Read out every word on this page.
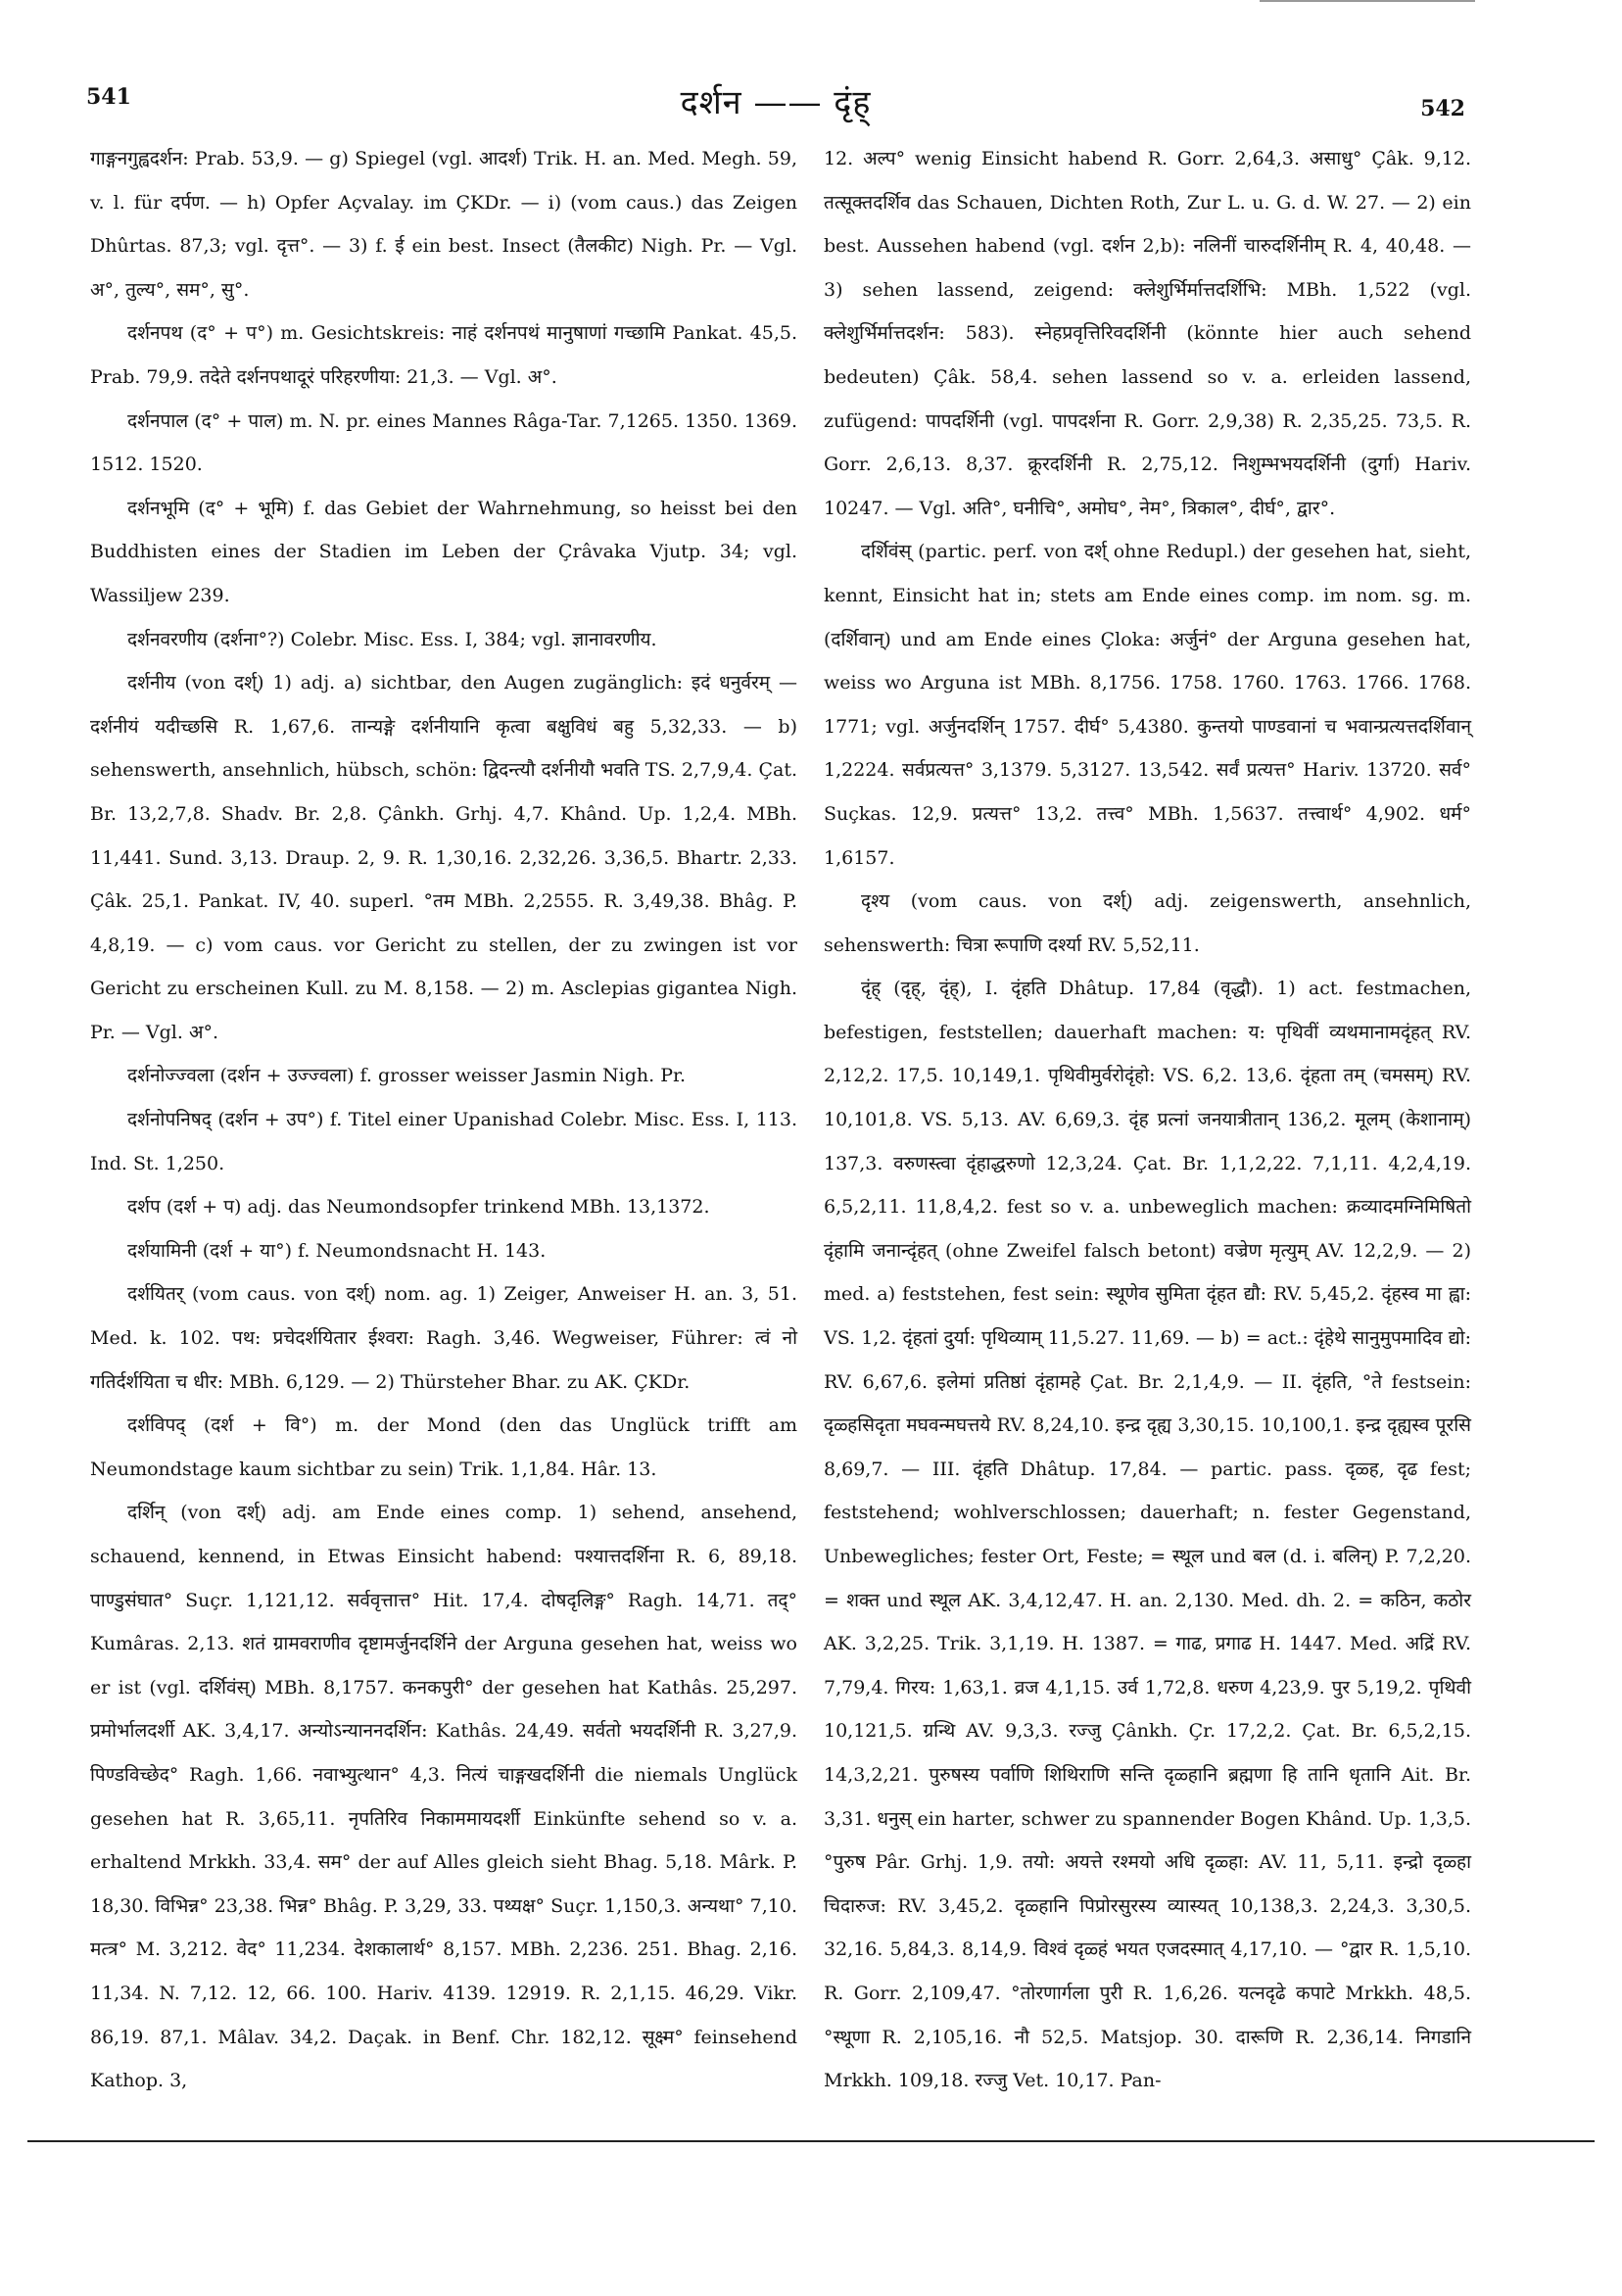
541	दर्शन —— दृंह्	542

गाङ्गनगुह्वदर्शन: Prab. 53,9. — g) Spiegel (vgl. आदर्श) Trik. H. an. Med. Megh. 59, v. l. für दर्पण. — h) Opfer Açvalay. im ÇKDr. — i) (vom caus.) das Zeigen Dhûrtas. 87,3; vgl. दृत्त°. — 3) f. ई ein best. Insect (तैलकीट) Nigh. Pr. — Vgl. अ°, तुल्य°, सम°, सु°.

दर्शनपथ (द° + प°) m. Gesichtskreis: नाहं दर्शनपथं मानुषाणां गच्छामि Pankat. 45,5. Prab. 79,9. तदेते दर्शनपथादूरं परिहरणीया: 21,3. — Vgl. अ°.

दर्शनपाल (द° + पाल) m. N. pr. eines Mannes Râga-Tar. 7,1265. 1350. 1369. 1512. 1520.

दर्शनभूमि (द° + भूमि) f. das Gebiet der Wahrnehmung, so heisst bei den Buddhisten eines der Stadien im Leben der Çrâvaka Vjutp. 34; vgl. Wassiljew 239.

दर्शनवरणीय (दर्शना°?) Colebr. Misc. Ess. I, 384; vgl. ज्ञानावरणीय.

दर्शनीय (von दर्श्) 1) adj. a) sichtbar, den Augen zugänglich: इदं धनुर्वरम् — दर्शनीयं यदीच्छसि R. 1,67,6. तान्यङ्गे दर्शनीयानि कृत्वा बक्षुविधं बहु 5,32,33. — b) sehenswerth, ansehnlich, hübsch, schön: द्विदन्त्यौ दर्शनीयौ भवति TS. 2,7,9,4. Çat. Br. 13,2,7,8. Shadv. Br. 2,8. Çânkh. Grhj. 4,7. Khând. Up. 1,2,4. MBh. 11,441. Sund. 3,13. Draup. 2, 9. R. 1,30,16. 2,32,26. 3,36,5. Bhartr. 2,33. Çâk. 25,1. Pankat. IV, 40. superl. °तम MBh. 2,2555. R. 3,49,38. Bhâg. P. 4,8,19. — c) vom caus. vor Gericht zu stellen, der zu zwingen ist vor Gericht zu erscheinen Kull. zu M. 8,158. — 2) m. Asclepias gigantea Nigh. Pr. — Vgl. अ°.

दर्शनोज्ज्वला (दर्शन + उज्ज्वला) f. grosser weisser Jasmin Nigh. Pr.

दर्शनोपनिषद् (दर्शन + उप°) f. Titel einer Upanishad Colebr. Misc. Ess. I, 113. Ind. St. 1,250.

दर्शप (दर्श + प) adj. das Neumondsopfer trinkend MBh. 13,1372.

दर्शयामिनी (दर्श + या°) f. Neumondsnacht H. 143.

दर्शयितर् (vom caus. von दर्श्) nom. ag. 1) Zeiger, Anweiser H. an. 3, 51. Med. k. 102. पथ: प्रचेदर्शयितार ईश्वरा: Ragh. 3,46. Wegweiser, Führer: त्वं नो गतिर्दर्शयिता च धीर: MBh. 6,129. — 2) Thürsteher Bhar. zu AK. ÇKDr.

दर्शविपद् (दर्श + वि°) m. der Mond (den das Unglück trifft am Neumondstage kaum sichtbar zu sein) Trik. 1,1,84. Hâr. 13.

दर्शिन् (von दर्श्) adj. am Ende eines comp. 1) sehend, ansehend, schauend, kennend, in Etwas Einsicht habend: पश्यात्तदर्शिना R. 6, 89,18. पाण्डुसंघात° Suçr. 1,121,12. सर्ववृत्तात्त° Hit. 17,4. दोषदृलिङ्ग° Ragh. 14,71. तद्° Kumâras. 2,13. शतं ग्रामवराणीव दृष्टामर्जुनदर्शिने der Arguna gesehen hat, weiss wo er ist (vgl. दर्शिवंस्) MBh. 8,1757. कनकपुरी° der gesehen hat Kathâs. 25,297. प्रमोर्भालदर्शी AK. 3,4,17. अन्योऽन्याननदर्शिन: Kathâs. 24,49. सर्वतो भयदर्शिनी R. 3,27,9. पिण्डविच्छेद° Ragh. 1,66. नवाभ्युत्थान° 4,3. नित्यं चाङ्गखदर्शिनी die niemals Unglück gesehen hat R. 3,65,11. नृपतिरिव निकाममायदर्शी Einkünfte sehend so v. a. erhaltend Mrkkh. 33,4. सम° der auf Alles gleich sieht Bhag. 5,18. Mârk. P. 18,30. विभिन्न° 23,38. भिन्न° Bhâg. P. 3,29, 33. पथ्यक्ष° Suçr. 1,150,3. अन्यथा° 7,10. मत्त्र° M. 3,212. वेद° 11,234. देशकालार्थ° 8,157. MBh. 2,236. 251. Bhag. 2,16. 11,34. N. 7,12. 12, 66. 100. Hariv. 4139. 12919. R. 2,1,15. 46,29. Vikr. 86,19. 87,1. Mâlav. 34,2. Daçak. in Benf. Chr. 182,12. सूक्ष्म° feinsehend Kathop. 3,

12. अल्प° wenig Einsicht habend R. Gorr. 2,64,3. असाधु° Çâk. 9,12. तत्सूक्तदर्शिव das Schauen, Dichten Roth, Zur L. u. G. d. W. 27. — 2) ein best. Aussehen habend (vgl. दर्शन 2,b): नलिनीं चारुदर्शिनीम् R. 4, 40,48. — 3) sehen lassend, zeigend: क्लेशुर्भिर्मात्तदर्शिभि: MBh. 1,522 (vgl. क्लेशुर्भिर्मात्तदर्शन: 583). स्नेहप्रवृत्तिरिवदर्शिनी (könnte hier auch sehend bedeuten) Çâk. 58,4. sehen lassend so v. a. erleiden lassend, zufügend: पापदर्शिनी (vgl. पापदर्शना R. Gorr. 2,9,38) R. 2,35,25. 73,5. R. Gorr. 2,6,13. 8,37. क्रूरदर्शिनी R. 2,75,12. निशुम्भभयदर्शिनी (दुर्गा) Hariv. 10247. — Vgl. अति°, घनीचि°, अमोघ°, नेम°, त्रिकाल°, दीर्घ°, द्वार°.

दर्शिवंस् (partic. perf. von दर्श् ohne Redupl.) der gesehen hat, sieht, kennt, Einsicht hat in; stets am Ende eines comp. im nom. sg. m. (दर्शिवान्) und am Ende eines Çloka: अर्जुनं° der Arguna gesehen hat, weiss wo Arguna ist MBh. 8,1756. 1758. 1760. 1763. 1766. 1768. 1771; vgl. अर्जुनदर्शिन् 1757. दीर्घ° 5,4380. कुन्तयो पाण्डवानां च भवान्प्रत्यत्तदर्शिवान् 1,2224. सर्वप्रत्यत्त° 3,1379. 5,3127. 13,542. सर्वं प्रत्यत्त° Hariv. 13720. सर्व° Suçkas. 12,9. प्रत्यत्त° 13,2. तत्त्व° MBh. 1,5637. तत्त्वार्थ° 4,902. धर्म° 1,6157.

दृश्य (vom caus. von दर्श्) adj. zeigenswerth, ansehnlich, sehenswerth: चित्रा रूपाणि दर्श्या RV. 5,52,11.

दृंह् (दृह्, दृंह्), I. दृंहति Dhâtup. 17,84 (वृद्धौ). 1) act. festmachen, befestigen, feststellen; dauerhaft machen: य: पृथिवीं व्यथमानामदृंहत् RV. 2,12,2. 17,5. 10,149,1. पृथिवीमुर्वरोदृंहो: VS. 6,2. 13,6. दृंहता तम् (चमसम्) RV. 10,101,8. VS. 5,13. AV. 6,69,3. दृंह प्रत्नां जनयात्रीतान् 136,2. मूलम् (केशानाम्) 137,3. वरुणस्त्वा दृंहाद्धरुणो 12,3,24. Çat. Br. 1,1,2,22. 7,1,11. 4,2,4,19. 6,5,2,11. 11,8,4,2. fest so v. a. unbeweglich machen: क्रव्यादमग्निमिषितो दृंहामि जनान्दृंहत् (ohne Zweifel falsch betont) वज्रेण मृत्युम् AV. 12,2,9. — 2) med. a) feststehen, fest sein: स्थूणेव सुमिता दृंहत द्यौ: RV. 5,45,2. दृंहस्व मा ह्वा: VS. 1,2. दृंहतां दुर्या: पृथिव्याम् 11,5.27. 11,69. — b) = act.: दृंहेथे सानुमुपमादिव द्यो: RV. 6,67,6. इलेमां प्रतिष्ठां दृंहामहे Çat. Br. 2,1,4,9. — II. दृंहति, °ते festsein: दृळ्हसिदृता मघवन्मघत्तये RV. 8,24,10. इन्द्र दृह्य 3,30,15. 10,100,1. इन्द्र दृह्यस्व पूरसि 8,69,7. — III. दृंहति Dhâtup. 17,84. — partic. pass. दृळ्ह, दृढ fest; feststehend; wohlverschlossen; dauerhaft; n. fester Gegenstand, Unbewegliches; fester Ort, Feste; = स्थूल und बल (d. i. बलिन्) P. 7,2,20. = शक्त und स्थूल AK. 3,4,12,47. H. an. 2,130. Med. dh. 2. = कठिन, कठोर AK. 3,2,25. Trik. 3,1,19. H. 1387. = गाढ, प्रगाढ H. 1447. Med. अद्रिं RV. 7,79,4. गिरय: 1,63,1. व्रज 4,1,15. उर्व 1,72,8. धरुण 4,23,9. पुर 5,19,2. पृथिवी 10,121,5. ग्रन्थि AV. 9,3,3. रज्जु Çânkh. Çr. 17,2,2. Çat. Br. 6,5,2,15. 14,3,2,21. पुरुषस्य पर्वाणि शिथिराणि सन्ति दृळ्हानि ब्रह्मणा हि तानि धृतानि Ait. Br. 3,31. धनुस् ein harter, schwer zu spannender Bogen Khând. Up. 1,3,5. °पुरुष Pâr. Grhj. 1,9. तयो: अयत्ते रश्मयो अधि दृळ्हा: AV. 11, 5,11. इन्द्रो दृळ्हा चिदारुज: RV. 3,45,2. दृळ्हानि पिप्रोरसुरस्य व्यास्यत् 10,138,3. 2,24,3. 3,30,5. 32,16. 5,84,3. 8,14,9. विश्वं दृळ्हं भयत एजदस्मात् 4,17,10. — °द्वार R. 1,5,10. R. Gorr. 2,109,47. °तोरणार्गला पुरी R. 1,6,26. यत्नदृढे कपाटे Mrkkh. 48,5. °स्थूणा R. 2,105,16. नौ 52,5. Matsjop. 30. दारूणि R. 2,36,14. निगडानि Mrkkh. 109,18. रज्जु Vet. 10,17. Pan-
